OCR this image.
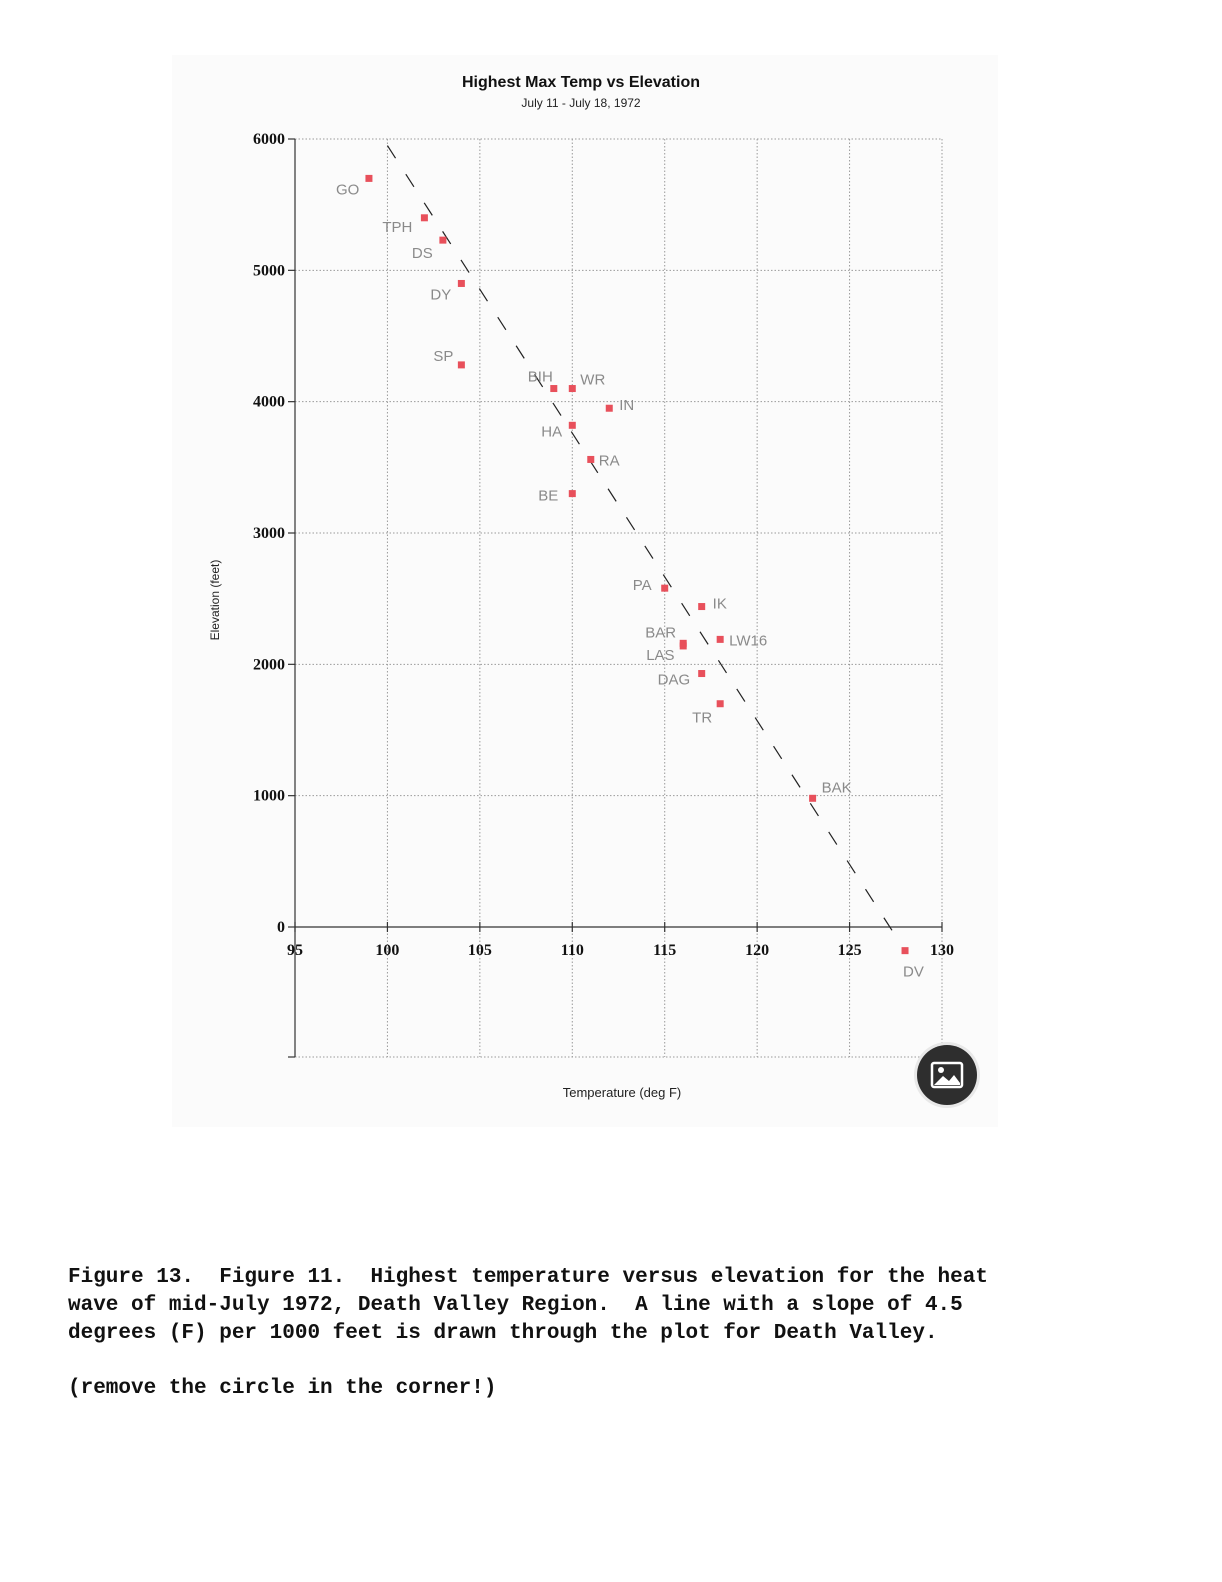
0
1000
2000
3000
4000
5000
6000
95	100	105	110	115	120	125	130
GO
TPH
DS
DY
SP
BIH WR
IN
HA
RA
BE
PA
IK
BAR
LAS
LW16
DAG
TR
BAK
DV
Highest Max Temp vs Elevation
July 11 - July 18, 1972
Temperature (deg F)
Elevation (feet)

Figure 13.  Figure 11.  Highest temperature versus elevation for the heat
wave of mid-July 1972, Death Valley Region.  A line with a slope of 4.5
degrees (F) per 1000 feet is drawn through the plot for Death Valley.

(remove the circle in the corner!)
